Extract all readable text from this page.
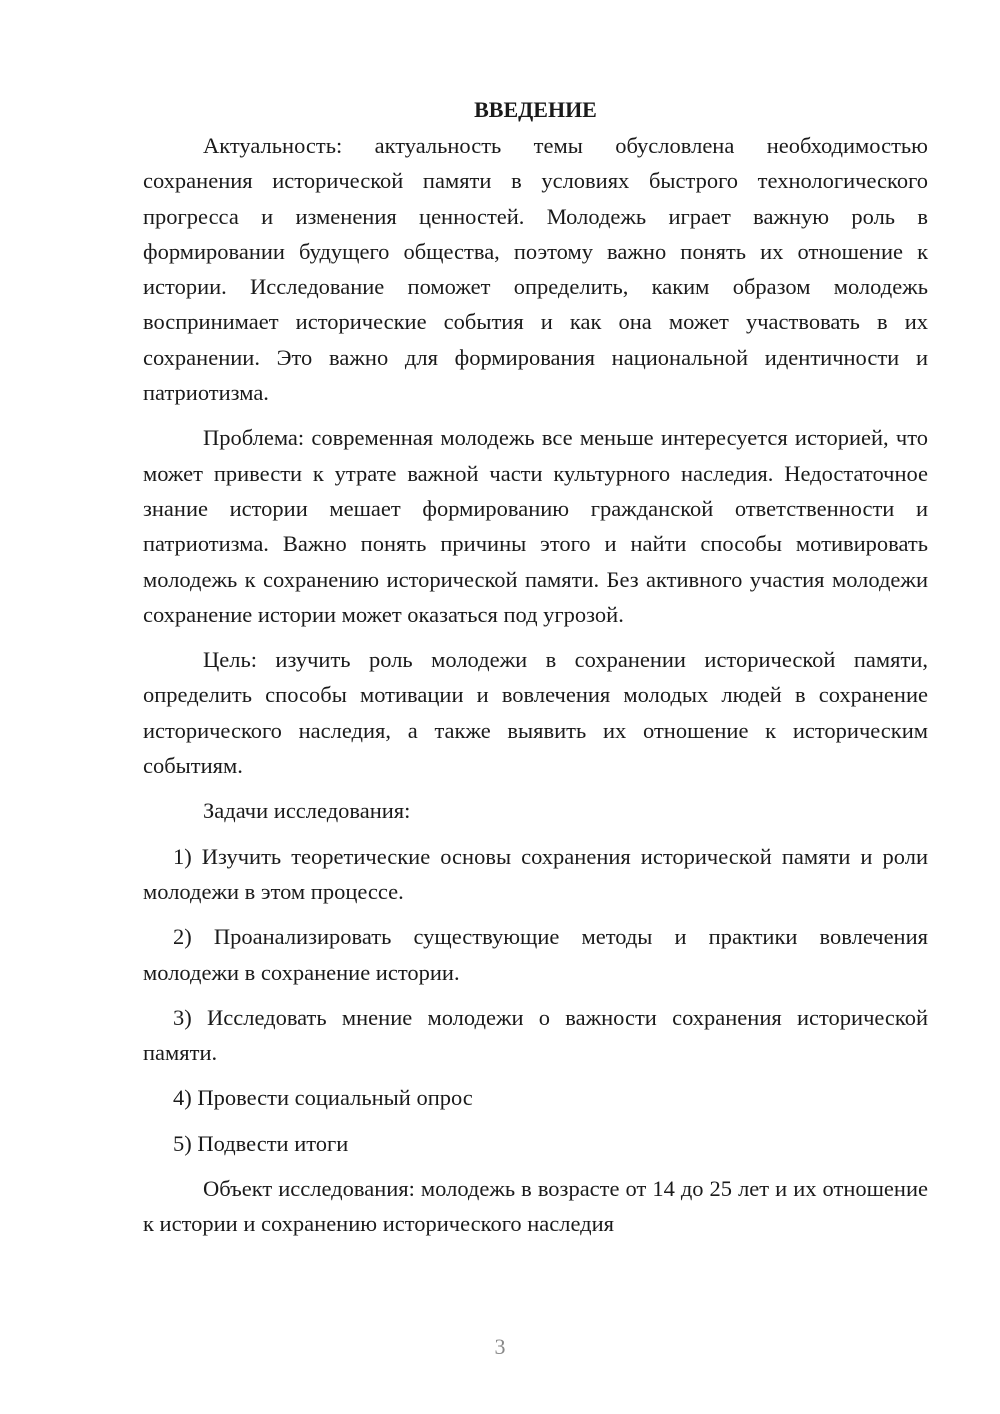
ВВЕДЕНИЕ

Актуальность: актуальность темы обусловлена необходимостью сохранения исторической памяти в условиях быстрого технологического прогресса и изменения ценностей. Молодежь играет важную роль в формировании будущего общества, поэтому важно понять их отношение к истории. Исследование поможет определить, каким образом молодежь воспринимает исторические события и как она может участвовать в их сохранении. Это важно для формирования национальной идентичности и патриотизма.

Проблема: современная молодежь все меньше интересуется историей, что может привести к утрате важной части культурного наследия. Недостаточное знание истории мешает формированию гражданской ответственности и патриотизма. Важно понять причины этого и найти способы мотивировать молодежь к сохранению исторической памяти. Без активного участия молодежи сохранение истории может оказаться под угрозой.

Цель: изучить роль молодежи в сохранении исторической памяти, определить способы мотивации и вовлечения молодых людей в сохранение исторического наследия, а также выявить их отношение к историческим событиям.

Задачи исследования:

1) Изучить теоретические основы сохранения исторической памяти и роли молодежи в этом процессе.

2) Проанализировать существующие методы и практики вовлечения молодежи в сохранение истории.

3) Исследовать мнение молодежи о важности сохранения исторической памяти.

4) Провести социальный опрос

5) Подвести итоги

Объект исследования: молодежь в возрасте от 14 до 25 лет и их отношение к истории и сохранению исторического наследия

3
